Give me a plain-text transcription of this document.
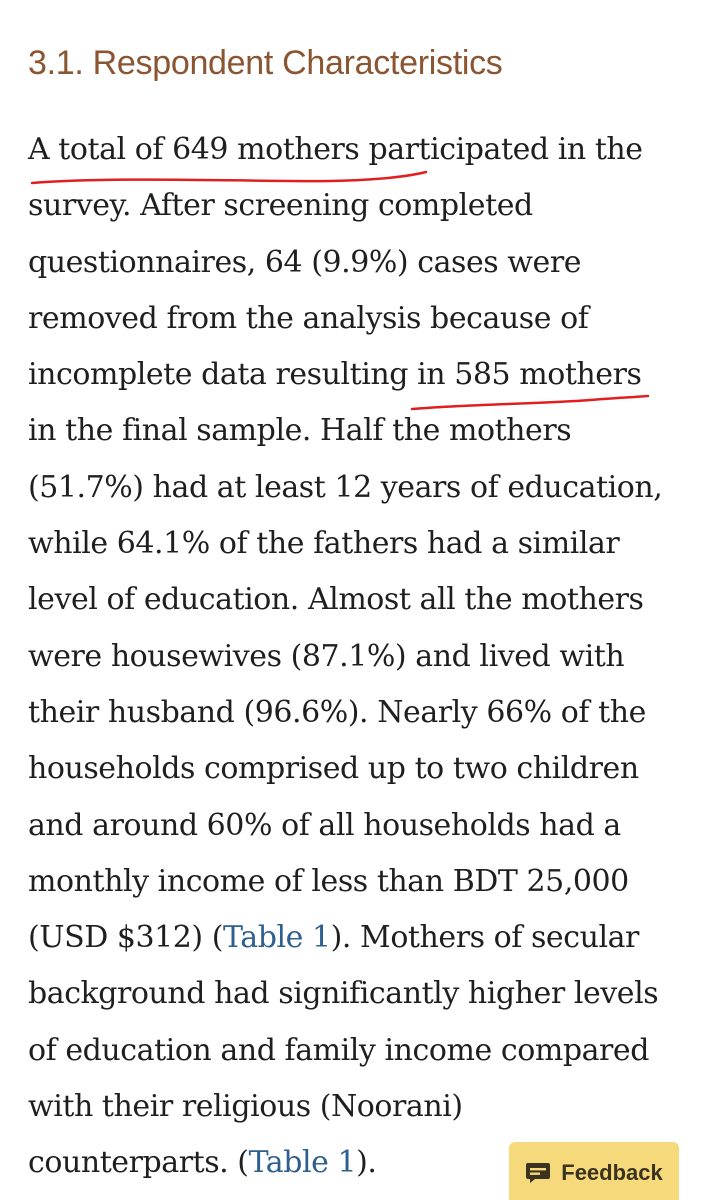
3.1. Respondent Characteristics
A total of 649 mothers participated in the
survey. After screening completed
questionnaires, 64 (9.9%) cases were
removed from the analysis because of
incomplete data resulting in 585 mothers
in the final sample. Half the mothers
(51.7%) had at least 12 years of education,
while 64.1% of the fathers had a similar
level of education. Almost all the mothers
were housewives (87.1%) and lived with
their husband (96.6%). Nearly 66% of the
households comprised up to two children
and around 60% of all households had a
monthly income of less than BDT 25,000
(USD $312) (Table 1). Mothers of secular
background had significantly higher levels
of education and family income compared
with their religious (Noorani)
counterparts. (Table 1).	Feedback
